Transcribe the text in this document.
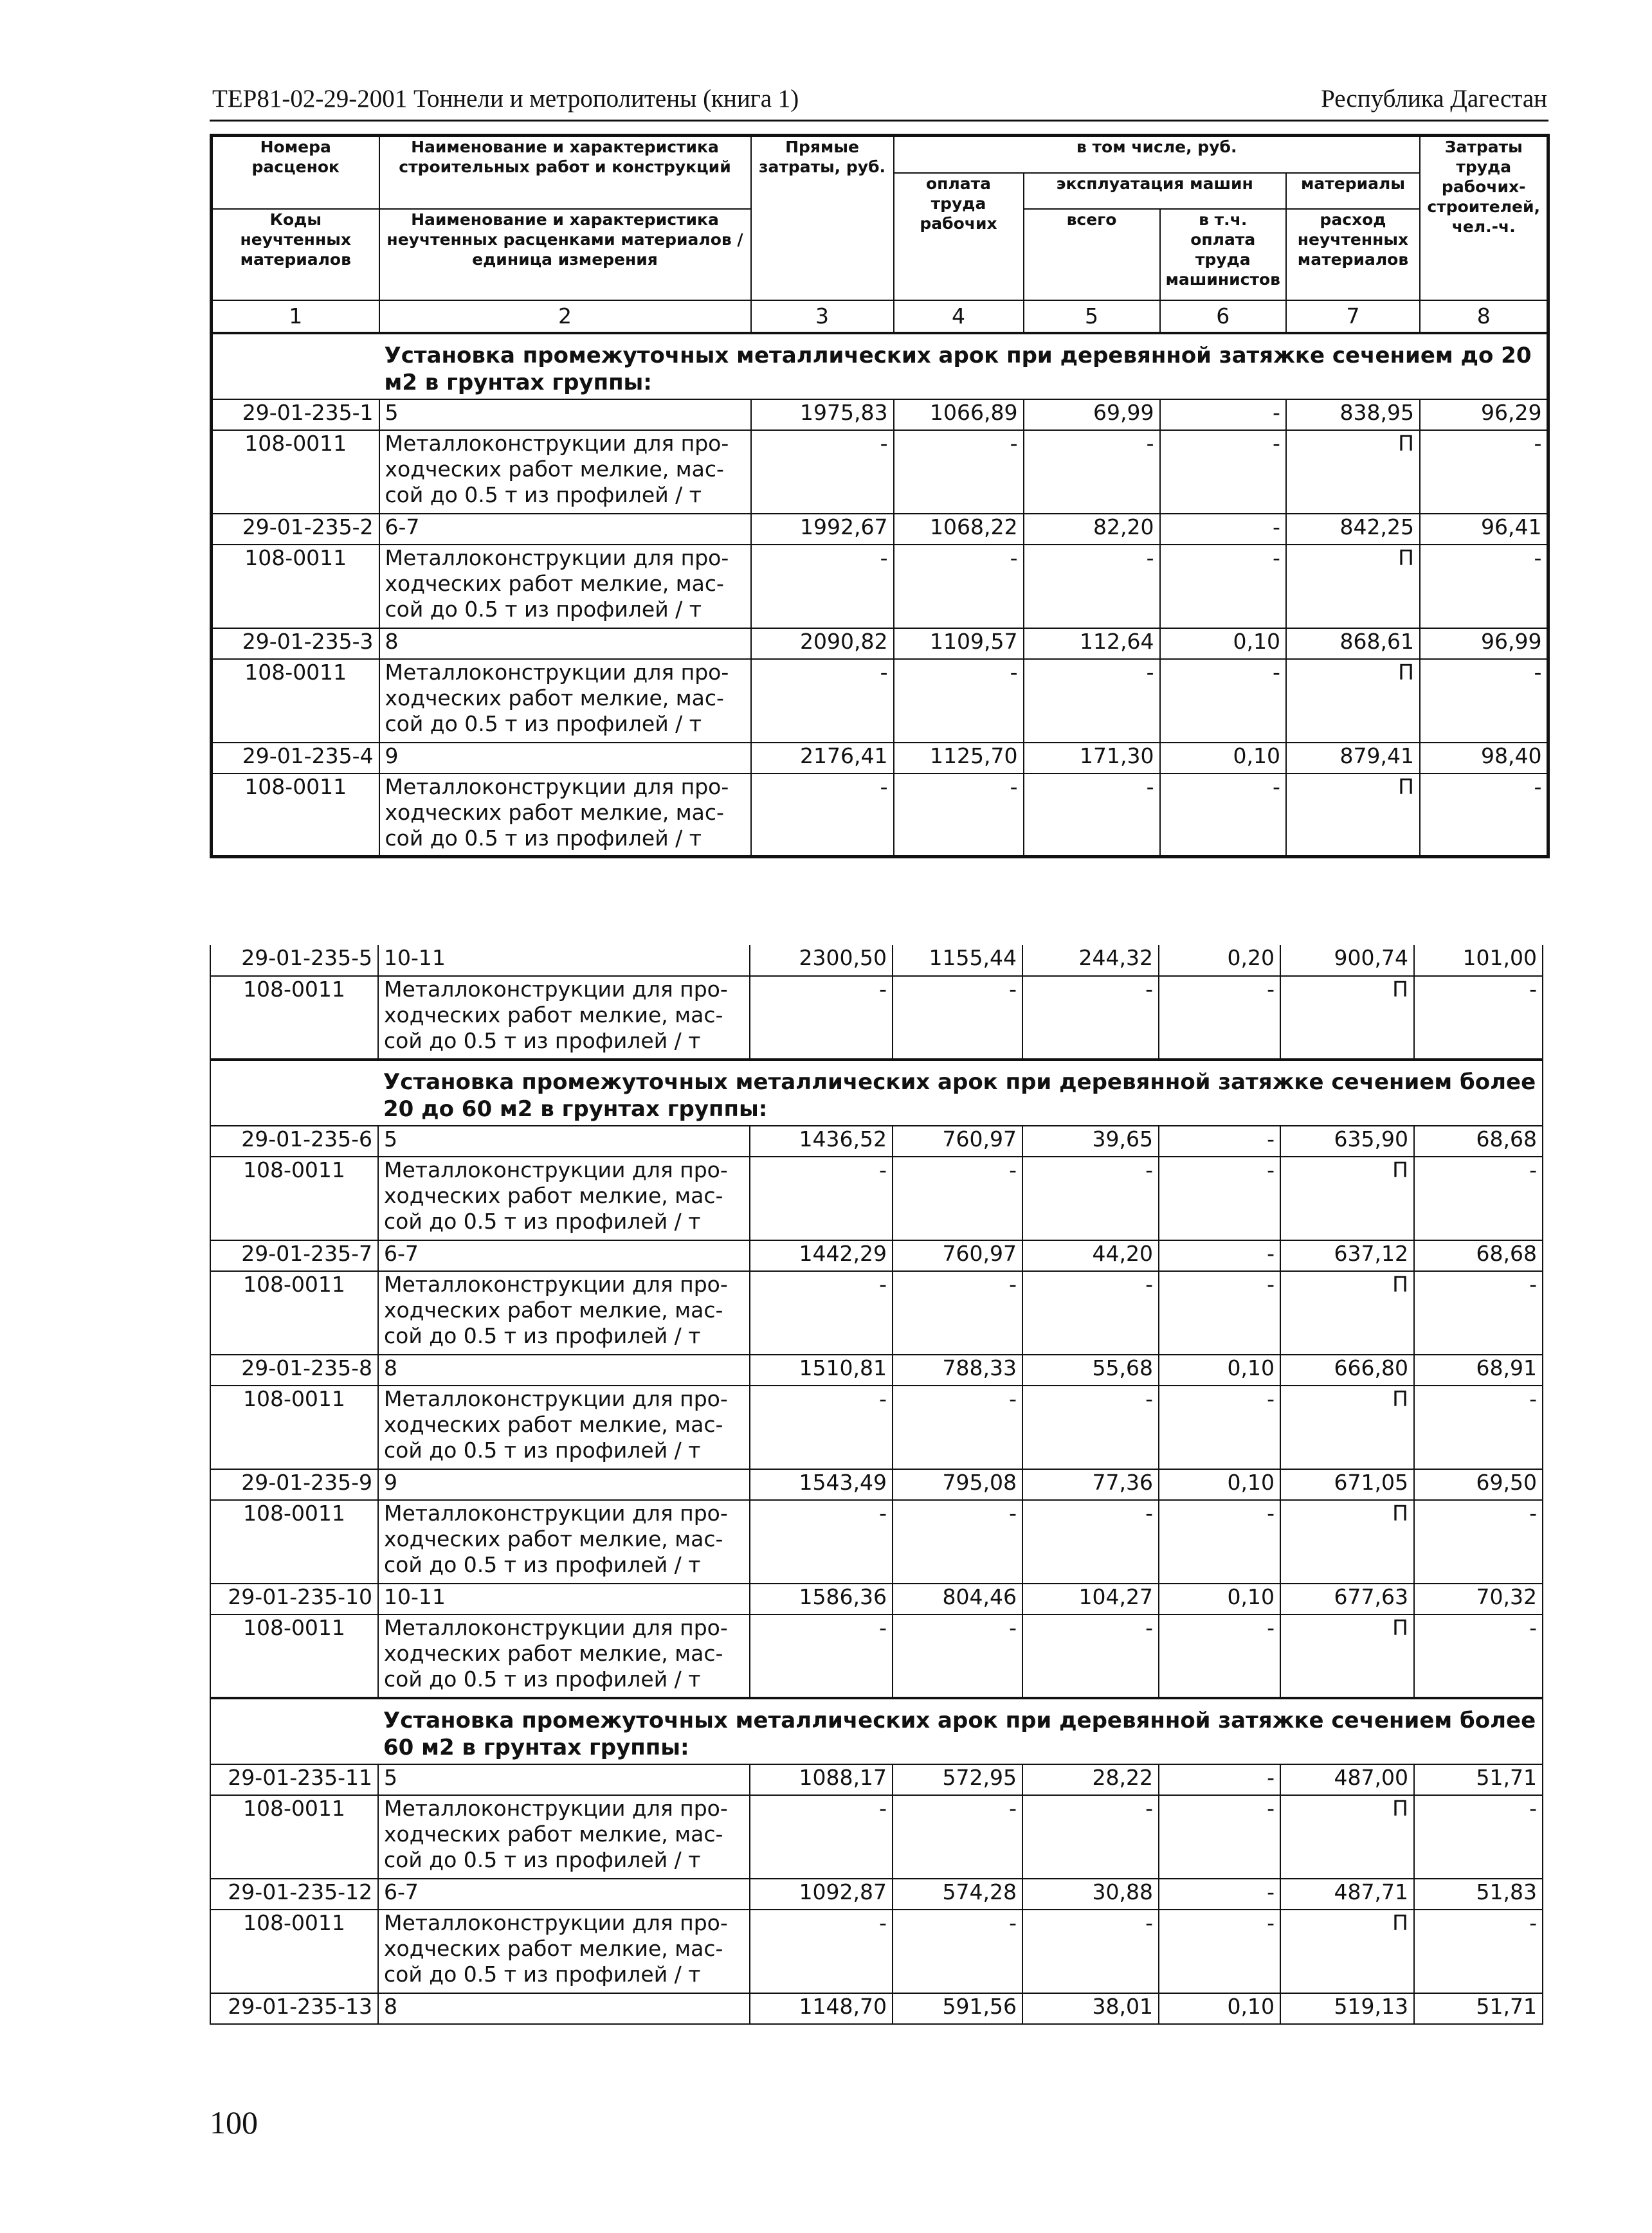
ТЕР81-02-29-2001 Тоннели и метрополитены (книга 1)	Республика Дагестан
Номера расценок	Наименование и характеристика строительных работ и конструкций	Прямые затраты, руб.	в том числе, руб.				Затраты труда рабочих-строителей, чел.-ч.
			оплата труда рабочих	эксплуатация машин		материалы	
Коды неучтенных материалов	Наименование и характеристика неучтенных расценками материалов / единица измерения			всего	в т.ч. оплата труда машинистов	расход неучтенных материалов	

1	2	3	4	5	6	7	8
	Установка промежуточных металлических арок при деревянной затяжке сечением до 20 м2 в грунтах группы:						
29-01-235-1	5	1975,83	1066,89	69,99	-	838,95	96,29
108-0011	Металлоконструкции для про-
ходческих работ мелкие, мас-
сой до 0.5 т из профилей / т	-	-	-	-	П	-
29-01-235-2	6-7	1992,67	1068,22	82,20	-	842,25	96,41
108-0011	Металлоконструкции для про-
ходческих работ мелкие, мас-
сой до 0.5 т из профилей / т	-	-	-	-	П	-
29-01-235-3	8	2090,82	1109,57	112,64	0,10	868,61	96,99
108-0011	Металлоконструкции для про-
ходческих работ мелкие, мас-
сой до 0.5 т из профилей / т	-	-	-	-	П	-
29-01-235-4	9	2176,41	1125,70	171,30	0,10	879,41	98,40
108-0011	Металлоконструкции для про-
ходческих работ мелкие, мас-
сой до 0.5 т из профилей / т	-	-	-	-	П	-
29-01-235-5	10-11	2300,50	1155,44	244,32	0,20	900,74	101,00
108-0011	Металлоконструкции для про-
ходческих работ мелкие, мас-
сой до 0.5 т из профилей / т	-	-	-	-	П	-
	Установка промежуточных металлических арок при деревянной затяжке сечением более 20 до 60 м2 в грунтах группы:						
29-01-235-6	5	1436,52	760,97	39,65	-	635,90	68,68
108-0011	Металлоконструкции для про-
ходческих работ мелкие, мас-
сой до 0.5 т из профилей / т	-	-	-	-	П	-
29-01-235-7	6-7	1442,29	760,97	44,20	-	637,12	68,68
108-0011	Металлоконструкции для про-
ходческих работ мелкие, мас-
сой до 0.5 т из профилей / т	-	-	-	-	П	-
29-01-235-8	8	1510,81	788,33	55,68	0,10	666,80	68,91
108-0011	Металлоконструкции для про-
ходческих работ мелкие, мас-
сой до 0.5 т из профилей / т	-	-	-	-	П	-
29-01-235-9	9	1543,49	795,08	77,36	0,10	671,05	69,50
108-0011	Металлоконструкции для про-
ходческих работ мелкие, мас-
сой до 0.5 т из профилей / т	-	-	-	-	П	-
29-01-235-10	10-11	1586,36	804,46	104,27	0,10	677,63	70,32
108-0011	Металлоконструкции для про-
ходческих работ мелкие, мас-
сой до 0.5 т из профилей / т	-	-	-	-	П	-
	Установка промежуточных металлических арок при деревянной затяжке сечением более 60 м2 в грунтах группы:						
29-01-235-11	5	1088,17	572,95	28,22	-	487,00	51,71
108-0011	Металлоконструкции для про-
ходческих работ мелкие, мас-
сой до 0.5 т из профилей / т	-	-	-	-	П	-
29-01-235-12	6-7	1092,87	574,28	30,88	-	487,71	51,83
108-0011	Металлоконструкции для про-
ходческих работ мелкие, мас-
сой до 0.5 т из профилей / т	-	-	-	-	П	-
29-01-235-13	8	1148,70	591,56	38,01	0,10	519,13	51,71
100
